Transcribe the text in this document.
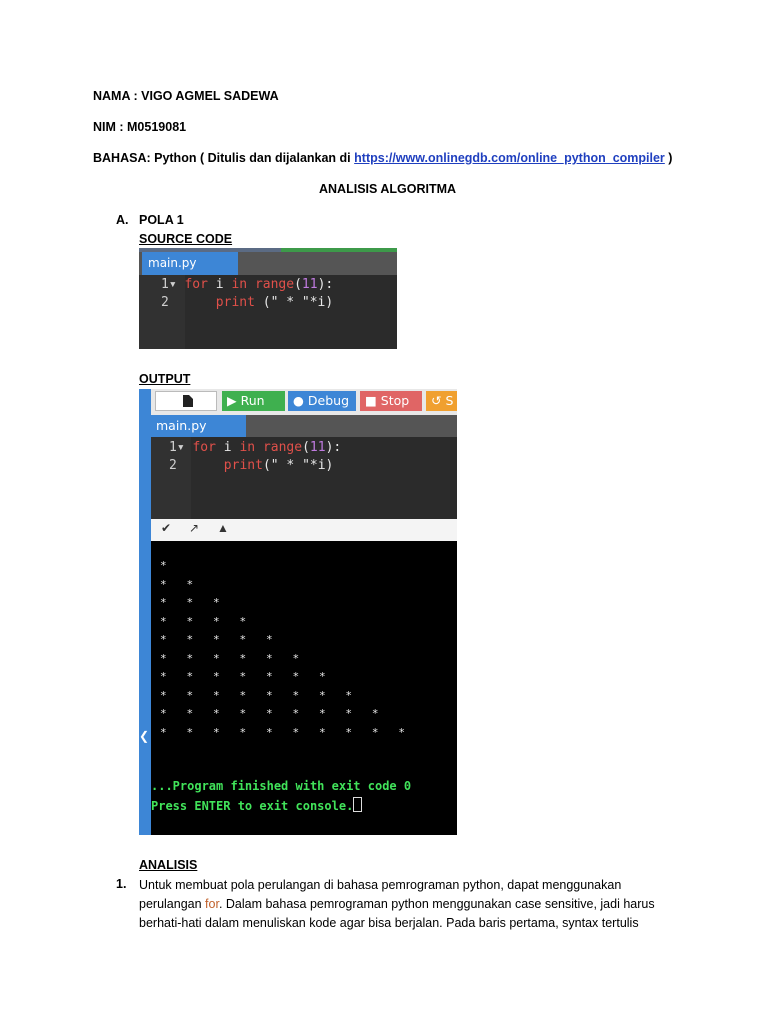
NAMA : VIGO AGMEL SADEWA
NIM : M0519081
BAHASA: Python ( Ditulis dan dijalankan di https://www.onlinegdb.com/online_python_compiler )
ANALISIS ALGORITMA
A. POLA 1
SOURCE CODE
main.py
1▾ for i in range(11):
2	print (" * "*i)
OUTPUT
▶ Run	● Debug	■ Stop	↺ S
main.py
1▾ for i in range(11):
2	print(" * "*i)
✔ ↗ ▲
*
*   *
*   *   *
*   *   *   *
*   *   *   *   *
*   *   *   *   *   *
*   *   *   *   *   *   *
*   *   *   *   *   *   *   *
*   *   *   *   *   *   *   *   *
*   *   *   *   *   *   *   *   *   *
...Program finished with exit code 0
Press ENTER to exit console.
❮
ANALISIS
1. Untuk membuat pola perulangan di bahasa pemrograman python, dapat menggunakan
perulangan for. Dalam bahasa pemrograman python menggunakan case sensitive, jadi harus
berhati-hati dalam menuliskan kode agar bisa berjalan. Pada baris pertama, syntax tertulis
